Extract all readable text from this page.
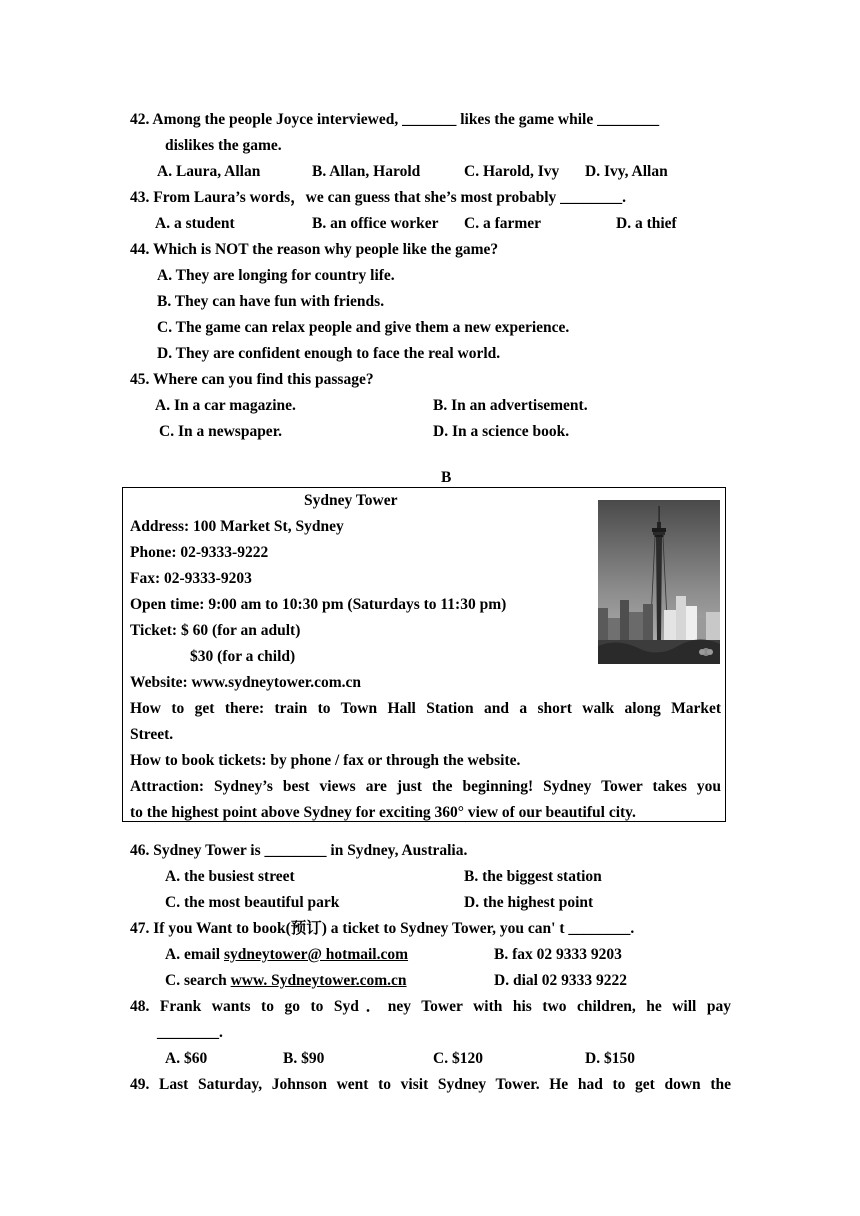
42. Among the people Joyce interviewed, _______ likes the game while ________
dislikes the game.
A. Laura, Allan	B. Allan, Harold	C. Harold, Ivy D. Ivy, Allan
43. From Laura’s words，we can guess that she’s most probably ________.
A. a student	B. an office worker C. a farmer	D. a thief
44. Which is NOT the reason why people like the game?
A. They are longing for country life.
B. They can have fun with friends.
C. The game can relax people and give them a new experience.
D. They are confident enough to face the real world.
45. Where can you find this passage?
A. In a car magazine.	B. In an advertisement.
C. In a newspaper.	D. In a science book.
B
Sydney Tower
Address: 100 Market St, Sydney
Phone: 02-9333-9222
Fax: 02-9333-9203
Open time: 9:00 am to 10:30 pm (Saturdays to 11:30 pm)
Ticket: $ 60 (for an adult)
$30 (for a child)
Website: www.sydneytower.com.cn
How to get there: train to Town Hall Station and a short walk along Market
Street.
How to book tickets: by phone / fax or through the website.
Attraction: Sydney’s best views are just the beginning! Sydney Tower takes you
to the highest point above Sydney for exciting 360° view of our beautiful city.
46. Sydney Tower is ________ in Sydney, Australia.
A. the busiest street	B. the biggest station
C. the most beautiful park	D. the highest point
47. If you Want to book(预订) a ticket to Sydney Tower, you can' t ________.
A. email sydneytower@ hotmail.com	B. fax 02 9333 9203
C. search www. Sydneytower.com.cn	D. dial 02 9333 9222
48. Frank wants to go to Syd．ney Tower with his two children, he will pay
________.
A. $60	B. $90	C. $120	D. $150
49. Last Saturday, Johnson went to visit Sydney Tower. He had to get down the
